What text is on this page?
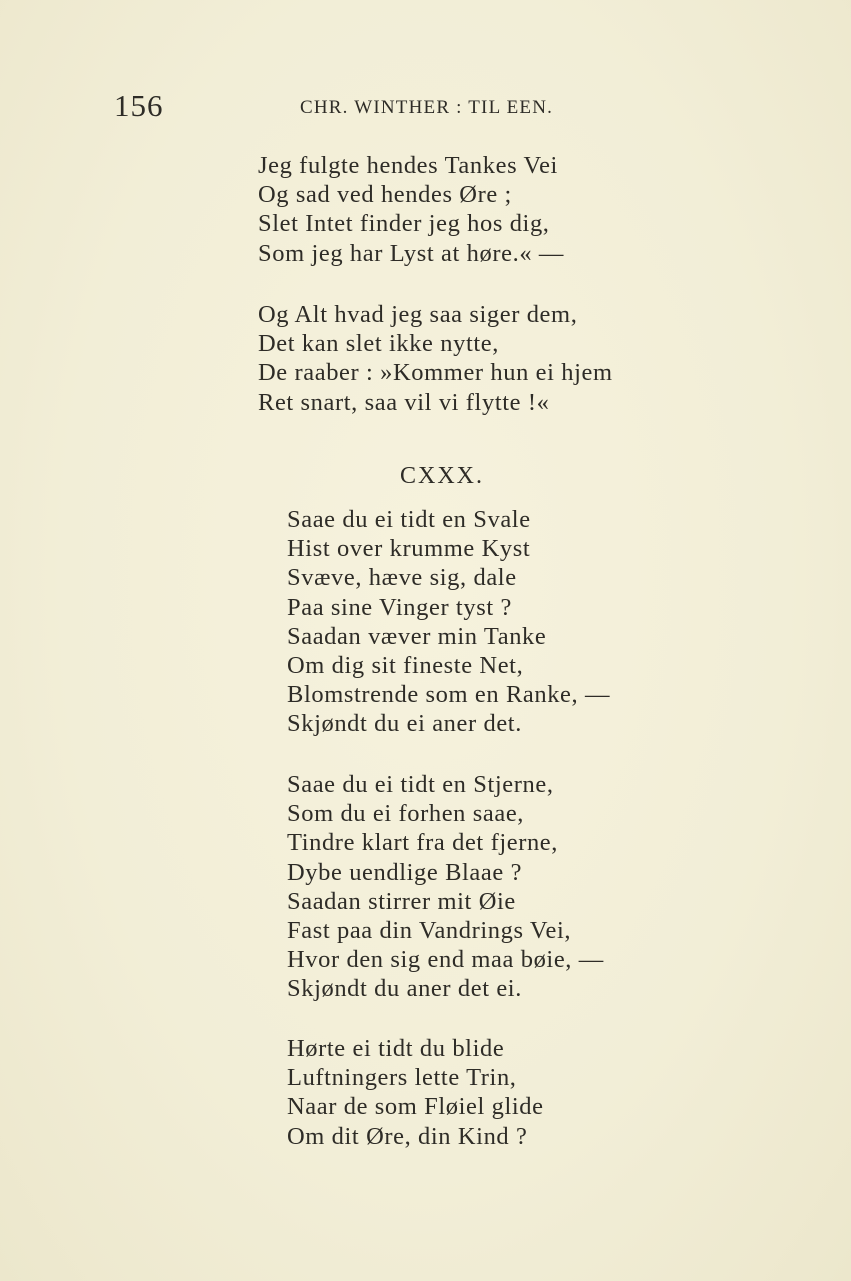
156	CHR. WINTHER : TIL EEN.
Jeg fulgte hendes Tankes Vei
Og sad ved hendes Øre ;
Slet Intet finder jeg hos dig,
Som jeg har Lyst at høre.« —
Og Alt hvad jeg saa siger dem,
Det kan slet ikke nytte,
De raaber : »Kommer hun ei hjem
Ret snart, saa vil vi flytte !«
CXXX.
Saae du ei tidt en Svale
Hist over krumme Kyst
Svæve, hæve sig, dale
Paa sine Vinger tyst ?
Saadan væver min Tanke
Om dig sit fineste Net,
Blomstrende som en Ranke, —
Skjøndt du ei aner det.
Saae du ei tidt en Stjerne,
Som du ei forhen saae,
Tindre klart fra det fjerne,
Dybe uendlige Blaae ?
Saadan stirrer mit Øie
Fast paa din Vandrings Vei,
Hvor den sig end maa bøie, —
Skjøndt du aner det ei.
Hørte ei tidt du blide
Luftningers lette Trin,
Naar de som Fløiel glide
Om dit Øre, din Kind ?
